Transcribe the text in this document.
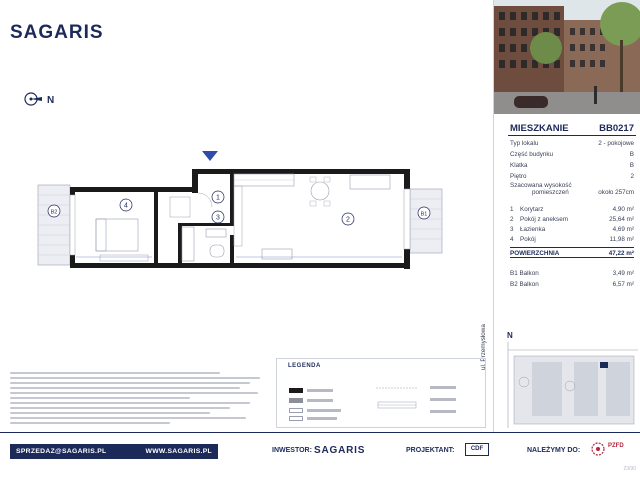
SAGARIS
N
1
2
3
4
B1
B2
MIESZKANIE	BB0217
Typ lokalu	2 - pokojowe
Część budynku	B
Klatka	B
Piętro	2
Szacowana wysokość
pomieszczeń	około 257cm
1 Korytarz	4,90 m²
2 Pokój z aneksem	25,64 m²
3 Łazienka	4,69 m²
4 Pokój	11,98 m²
POWIERZCHNIA	47,22 m²
B1 Balkon	3,49 m²
B2 Balkon	6,57 m²
N
ul. Przemysłowa
LEGENDA
SPRZEDAZ@SAGARIS.PL	WWW.SAGARIS.PL	INWESTOR: SAGARIS	PROJEKTANT:	CDF	NALEŻYMY DO:
PZFD
23/90
